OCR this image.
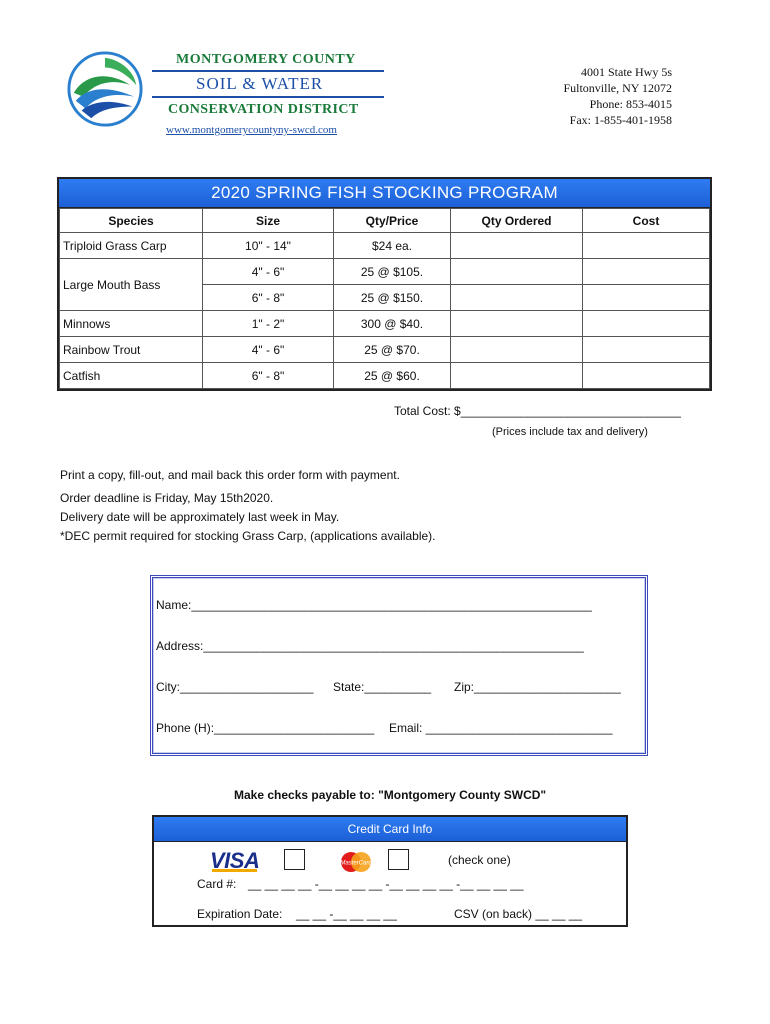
MONTGOMERY COUNTY
SOIL & WATER
CONSERVATION DISTRICT
www.montgomerycountyny-swcd.com
4001 State Hwy 5s
Fultonville, NY 12072
Phone: 853-4015
Fax: 1-855-401-1958
2020 SPRING FISH STOCKING PROGRAM
Species	Size	Qty/Price	Qty Ordered	Cost
Triploid Grass Carp	10" - 14"	$24 ea.		
Large Mouth Bass	4" - 6"	25 @ $105.		
	6" - 8"	25 @ $150.		
Minnows	1" - 2"	300 @ $40.		
Rainbow Trout	4" - 6"	25 @ $70.		
Catfish	6" - 8"	25 @ $60.		
Total Cost: $_________________________________
(Prices include tax and delivery)
Print a copy, fill-out, and mail back this order form with payment.
Order deadline is Friday, May 15th2020.
Delivery date will be approximately last week in May.
*DEC permit required for stocking Grass Carp, (applications available).
Name:____________________________________________________________
Address:_________________________________________________________
City:____________________ State:__________ Zip:______________________
Phone (H):________________________ Email: ____________________________
Make checks payable to: "Montgomery County SWCD"
Credit Card Info
VISA	MasterCard	(check one)
Card #: __ __ __ __ -__ __ __ __ -__ __ __ __ -__ __ __ __
Expiration Date: __ __ -__ __ __ __	CSV (on back) __ __ __
